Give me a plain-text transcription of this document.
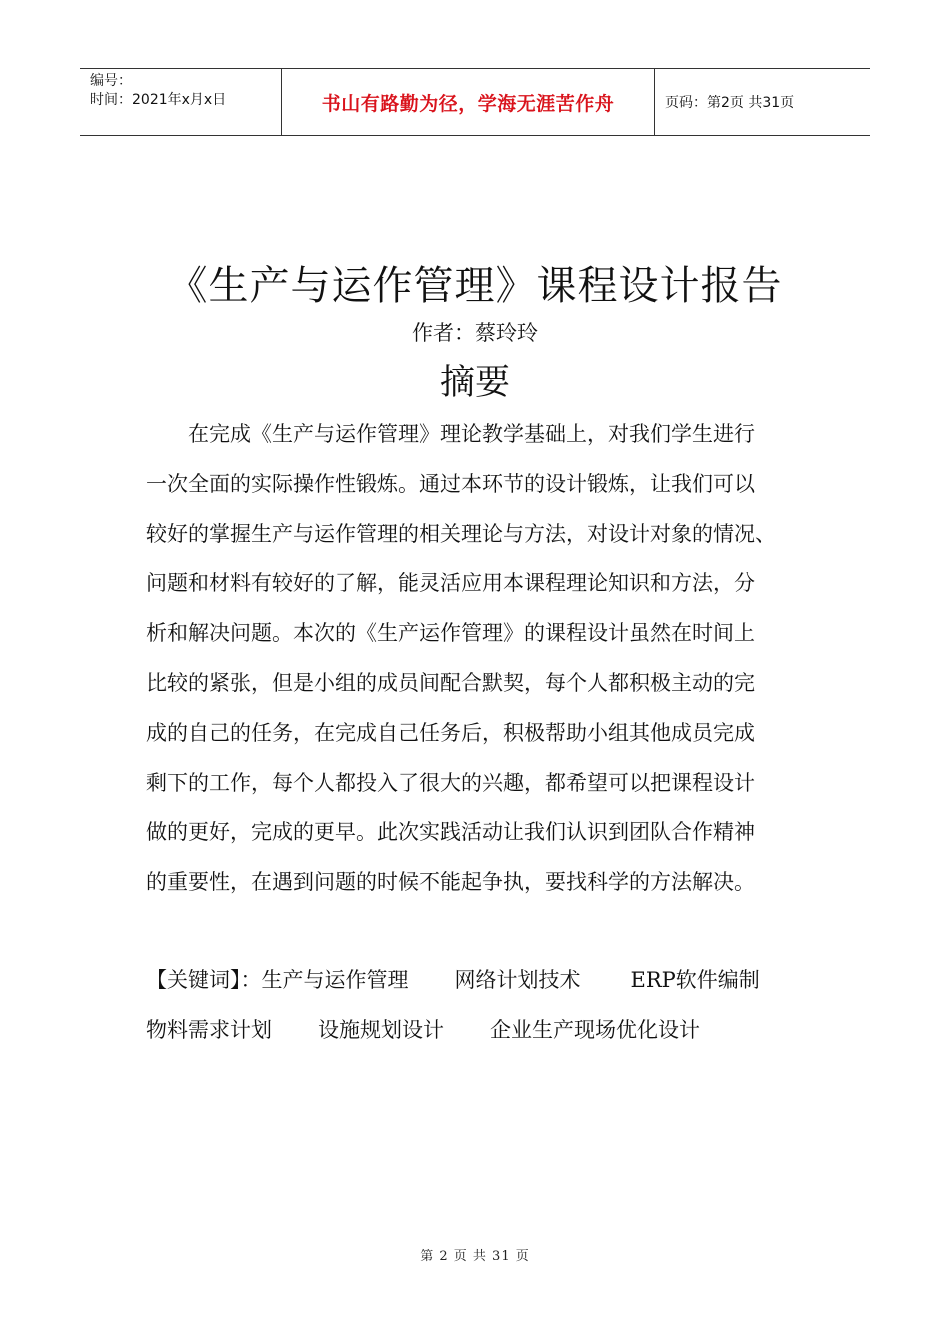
编号：
时间：2021年x月x日	书山有路勤为径，学海无涯苦作舟	页码：第2页 共31页
《生产与运作管理》课程设计报告
作者：蔡玲玲
摘要
　　在完成《生产与运作管理》理论教学基础上，对我们学生进行
一次全面的实际操作性锻炼。通过本环节的设计锻炼，让我们可以
较好的掌握生产与运作管理的相关理论与方法，对设计对象的情况、
问题和材料有较好的了解，能灵活应用本课程理论知识和方法，分
析和解决问题。本次的《生产运作管理》的课程设计虽然在时间上
比较的紧张，但是小组的成员间配合默契，每个人都积极主动的完
成的自己的任务，在完成自己任务后，积极帮助小组其他成员完成
剩下的工作，每个人都投入了很大的兴趣，都希望可以把课程设计
做的更好，完成的更早。此次实践活动让我们认识到团队合作精神
的重要性，在遇到问题的时候不能起争执，要找科学的方法解决。
【关键词】： 生产与运作管理 网络计划技术 ERP软件编制
物料需求计划 设施规划设计 企业生产现场优化设计
第 2 页 共 31 页
